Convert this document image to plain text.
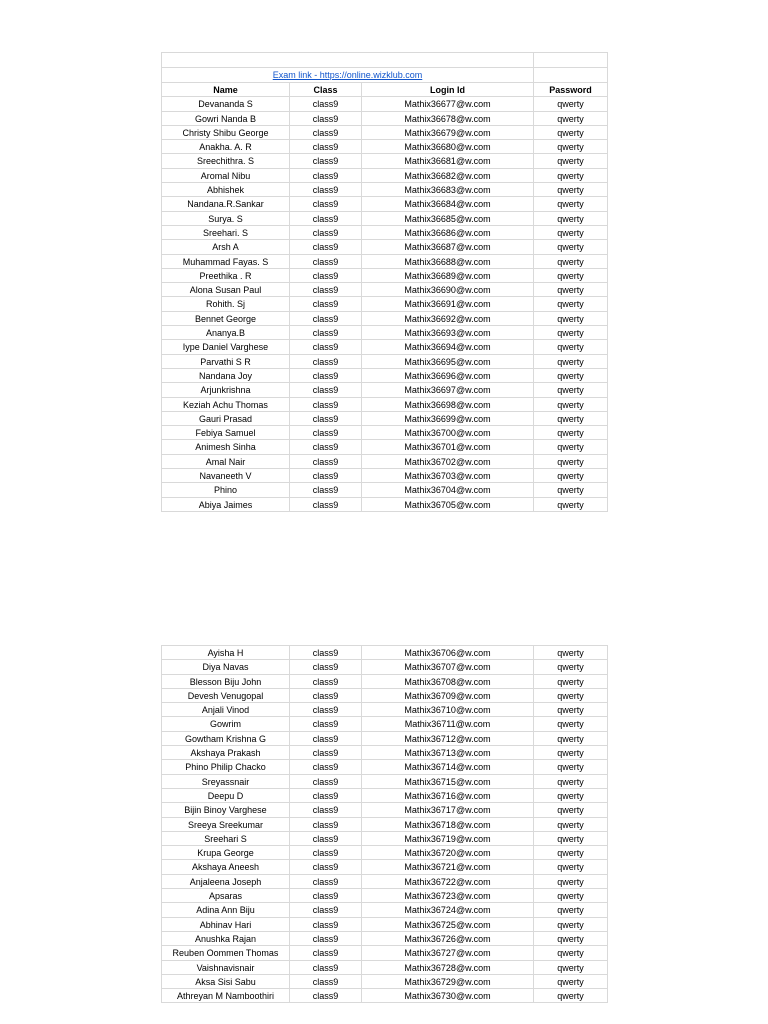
Exam link - https://online.wizklub.com
Name	Class	Login Id	Password
Devananda S	class9	Mathix36677@w.com	qwerty
Gowri Nanda B	class9	Mathix36678@w.com	qwerty
Christy Shibu George	class9	Mathix36679@w.com	qwerty
Anakha. A. R	class9	Mathix36680@w.com	qwerty
Sreechithra. S	class9	Mathix36681@w.com	qwerty
Aromal Nibu	class9	Mathix36682@w.com	qwerty
Abhishek	class9	Mathix36683@w.com	qwerty
Nandana.R.Sankar	class9	Mathix36684@w.com	qwerty
Surya. S	class9	Mathix36685@w.com	qwerty
Sreehari. S	class9	Mathix36686@w.com	qwerty
Arsh A	class9	Mathix36687@w.com	qwerty
Muhammad Fayas. S	class9	Mathix36688@w.com	qwerty
Preethika . R	class9	Mathix36689@w.com	qwerty
Alona Susan Paul	class9	Mathix36690@w.com	qwerty
Rohith. Sj	class9	Mathix36691@w.com	qwerty
Bennet George	class9	Mathix36692@w.com	qwerty
Ananya.B	class9	Mathix36693@w.com	qwerty
Iype Daniel Varghese	class9	Mathix36694@w.com	qwerty
Parvathi S R	class9	Mathix36695@w.com	qwerty
Nandana Joy	class9	Mathix36696@w.com	qwerty
Arjunkrishna	class9	Mathix36697@w.com	qwerty
Keziah Achu Thomas	class9	Mathix36698@w.com	qwerty
Gauri Prasad	class9	Mathix36699@w.com	qwerty
Febiya Samuel	class9	Mathix36700@w.com	qwerty
Animesh Sinha	class9	Mathix36701@w.com	qwerty
Amal Nair	class9	Mathix36702@w.com	qwerty
Navaneeth V	class9	Mathix36703@w.com	qwerty
Phino	class9	Mathix36704@w.com	qwerty
Abiya Jaimes	class9	Mathix36705@w.com	qwerty
Ayisha H	class9	Mathix36706@w.com	qwerty
Diya Navas	class9	Mathix36707@w.com	qwerty
Blesson Biju John	class9	Mathix36708@w.com	qwerty
Devesh Venugopal	class9	Mathix36709@w.com	qwerty
Anjali Vinod	class9	Mathix36710@w.com	qwerty
Gowrim	class9	Mathix36711@w.com	qwerty
Gowtham Krishna G	class9	Mathix36712@w.com	qwerty
Akshaya Prakash	class9	Mathix36713@w.com	qwerty
Phino Philip Chacko	class9	Mathix36714@w.com	qwerty
Sreyassnair	class9	Mathix36715@w.com	qwerty
Deepu D	class9	Mathix36716@w.com	qwerty
Bijin Binoy Varghese	class9	Mathix36717@w.com	qwerty
Sreeya Sreekumar	class9	Mathix36718@w.com	qwerty
Sreehari S	class9	Mathix36719@w.com	qwerty
Krupa George	class9	Mathix36720@w.com	qwerty
Akshaya Aneesh	class9	Mathix36721@w.com	qwerty
Anjaleena Joseph	class9	Mathix36722@w.com	qwerty
Apsaras	class9	Mathix36723@w.com	qwerty
Adina Ann Biju	class9	Mathix36724@w.com	qwerty
Abhinav Hari	class9	Mathix36725@w.com	qwerty
Anushka Rajan	class9	Mathix36726@w.com	qwerty
Reuben Oommen Thomas	class9	Mathix36727@w.com	qwerty
Vaishnavisnair	class9	Mathix36728@w.com	qwerty
Aksa Sisi Sabu	class9	Mathix36729@w.com	qwerty
Athreyan M Namboothiri	class9	Mathix36730@w.com	qwerty
